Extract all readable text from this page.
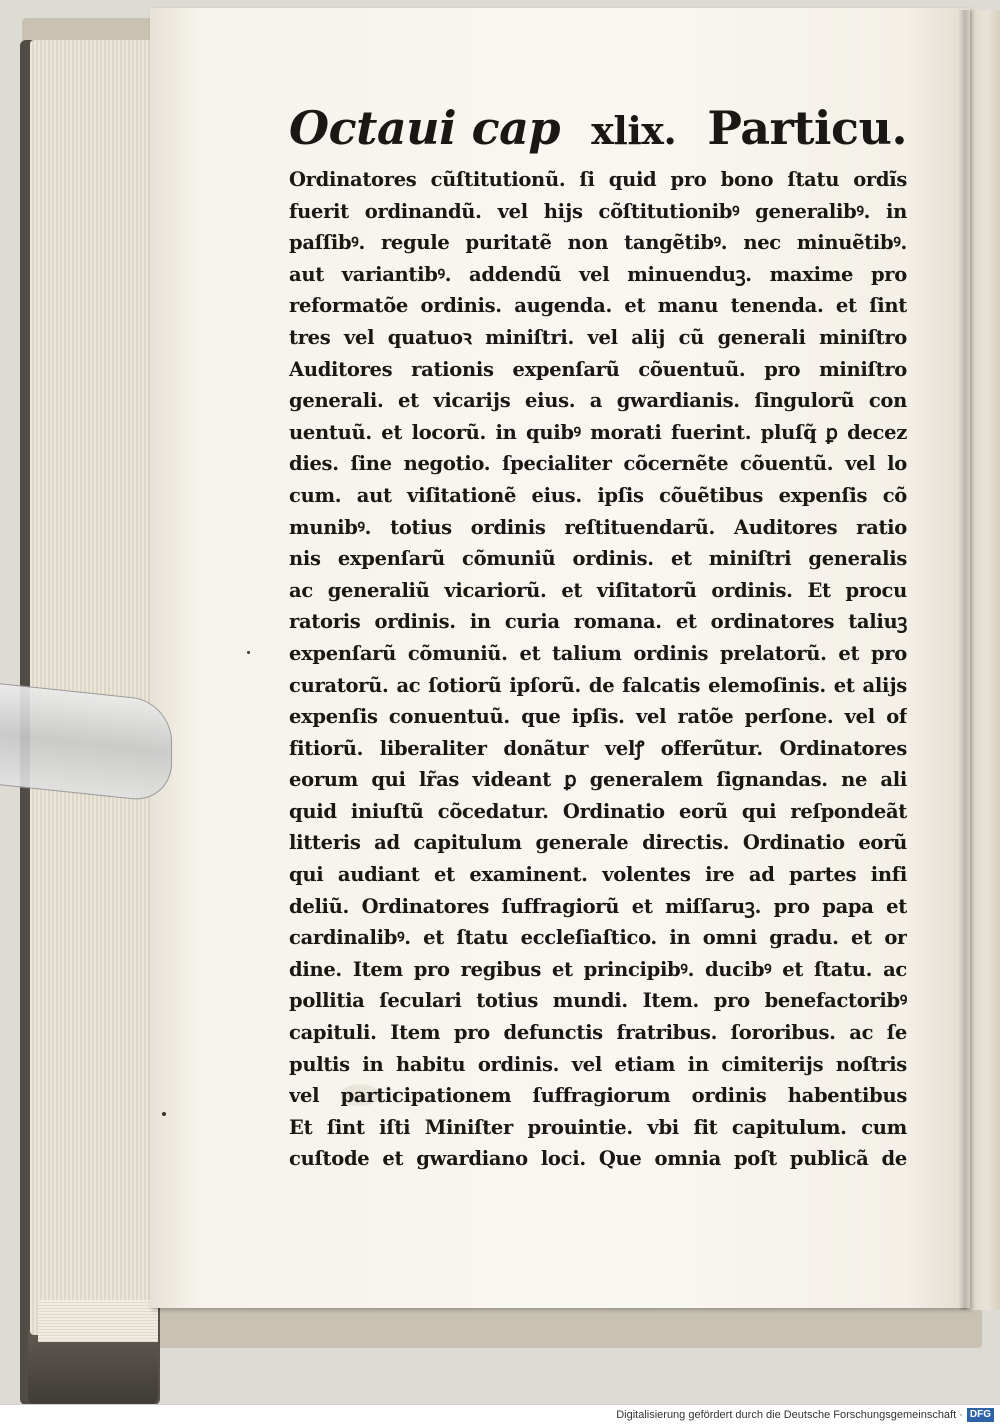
Octaui cap xlix. Particu.
Ordinatores cũſtitutionũ. ſi quid pro bono ſtatu ordĩs
fuerit ordinandũ. vel hĳs cõſtitutionibꝰ generalibꝰ. in
paſſibꝰ. regule puritatẽ non tangẽtibꝰ. nec minuẽtibꝰ.
aut variantibꝰ. addendũ vel minuenduꝫ. maxime pro
reformatõe ordinis. augenda. et manu tenenda. et ſint
tres vel quatuoꝛ miniſtri. vel alĳ cũ generali miniſtro
Auditores rationis expenſarũ cõuentuũ. pro miniſtro
generali. et vicarĳs eius. a gwardianis. ſingulorũ con
uentuũ. et locorũ. in quibꝰ morati fuerint. pluſq̃ ꝑ decez
dies. ſine negotio. ſpecialiter cõcernẽte cõuentũ. vel lo
cum. aut viſitationẽ eius. ipſis cõuẽtibus expenſis cõ
munibꝰ. totius ordinis reſtituendarũ. Auditores ratio
nis expenſarũ cõmuniũ ordinis. et miniſtri generalis
ac generaliũ vicariorũ. et viſitatorũ ordinis. Et procu
ratoris ordinis. in curia romana. et ordinatores taliuꝫ
expenſarũ cõmuniũ. et talium ordinis prelatorũ. et pro
curatorũ. ac ſotiorũ ipſorũ. de falcatis elemoſinis. et alĳs
expenſis conuentuũ. que ipſis. vel ratõe perſone. vel of
fitiorũ. liberaliter donãtur velꝭ offerũtur. Ordinatores
eorum qui lr̃as videant ꝑ generalem ſignandas. ne ali
quid iniuſtũ cõcedatur. Ordinatio eorũ qui reſpondeãt
litteris ad capitulum generale directis. Ordinatio eorũ
qui audiant et examinent. volentes ire ad partes infi
deliũ. Ordinatores ſuffragiorũ et miſſaruꝫ. pro papa et
cardinalibꝰ. et ſtatu eccleſiaſtico. in omni gradu. et or
dine. Item pro regibus et principibꝰ. ducibꝰ et ſtatu. ac
pollitia ſeculari totius mundi. Item. pro benefactoribꝰ
capituli. Item pro defunctis fratribus. ſororibus. ac ſe
pultis in habitu ordinis. vel etiam in cimiterĳs noſtris
vel participationem ſuffragiorum ordinis habentibus
Et ſint iſti Miniſter prouintie. vbi fit capitulum. cum
cuſtode et gwardiano loci. Que omnia poſt publicã de
Digitalisierung gefördert durch die Deutsche Forschungsgemeinschaft · DFG
